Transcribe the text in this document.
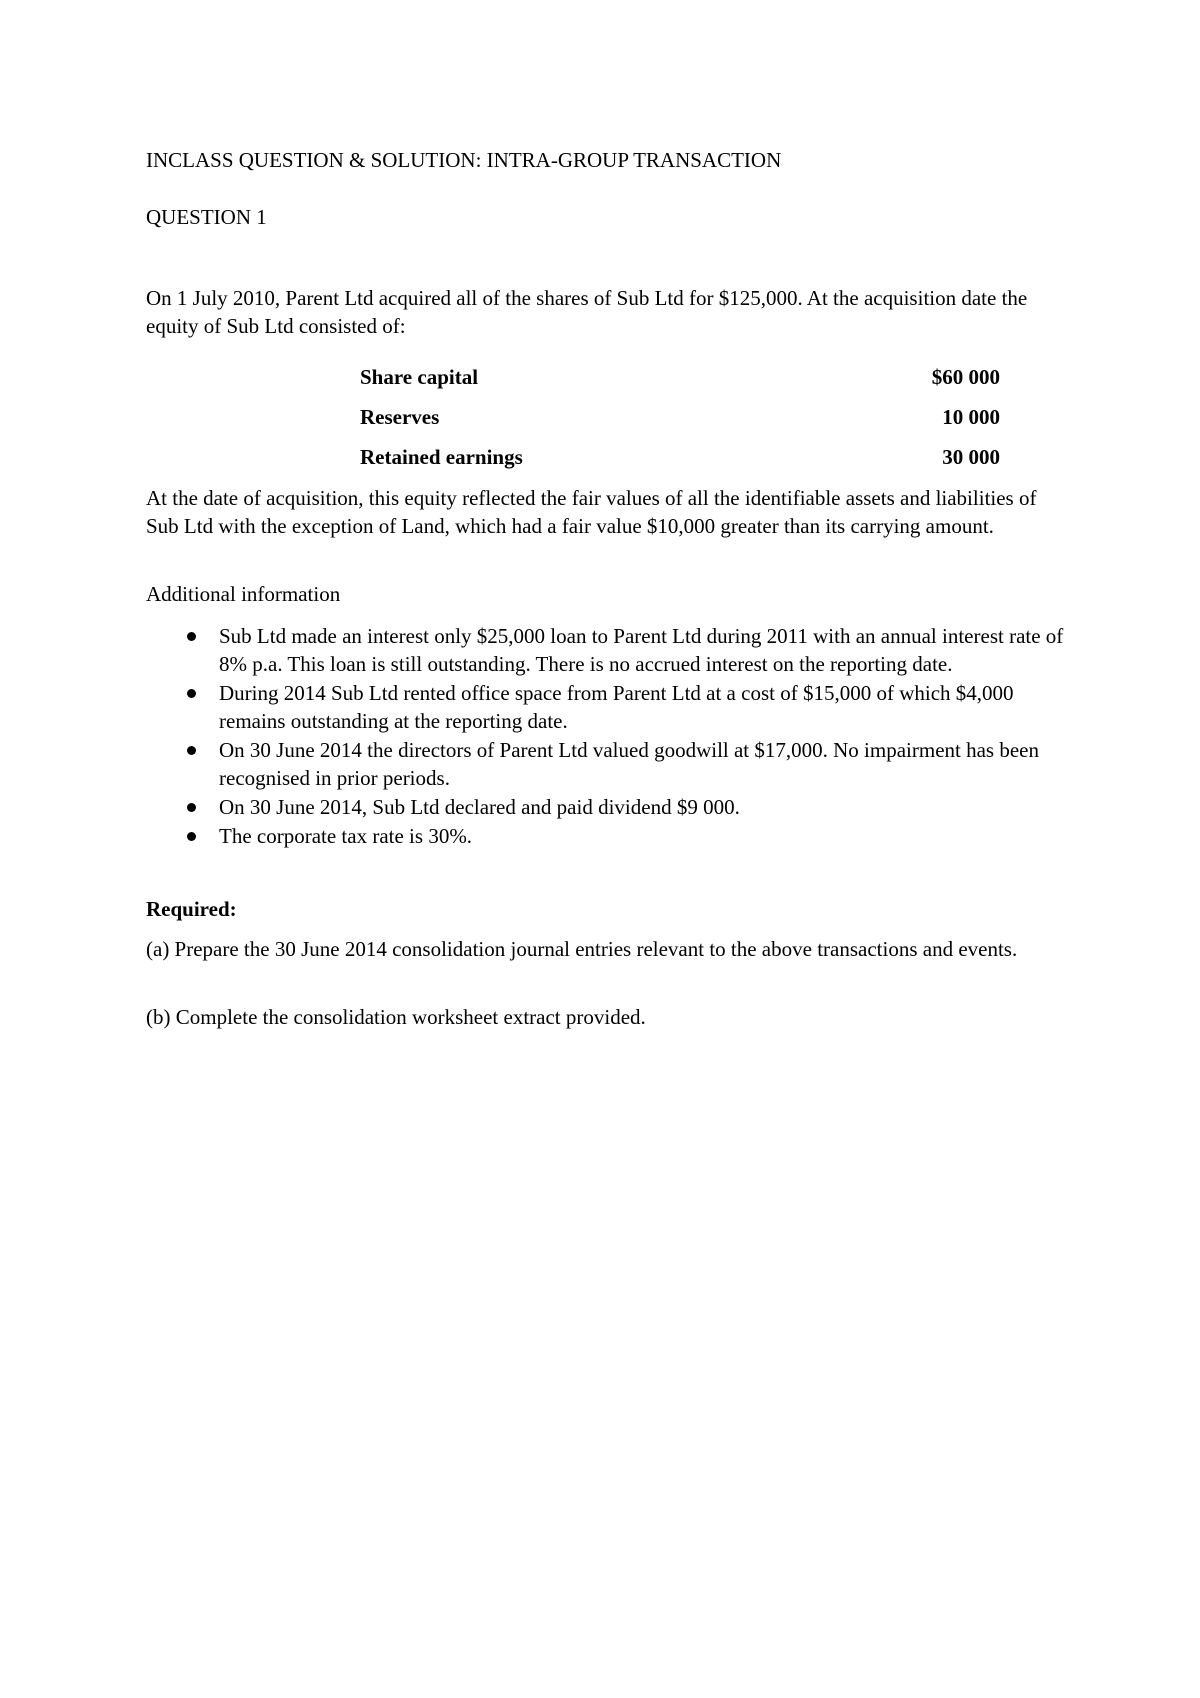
INCLASS QUESTION & SOLUTION: INTRA-GROUP TRANSACTION
QUESTION 1

On 1 July 2010, Parent Ltd acquired all of the shares of Sub Ltd for $125,000. At the acquisition date the equity of Sub Ltd consisted of:

Share capital	$60 000
Reserves	10 000
Retained earnings	30 000

At the date of acquisition, this equity reflected the fair values of all the identifiable assets and liabilities of Sub Ltd with the exception of Land, which had a fair value $10,000 greater than its carrying amount.

Additional information

Sub Ltd made an interest only $25,000 loan to Parent Ltd during 2011 with an annual interest rate of 8% p.a. This loan is still outstanding. There is no accrued interest on the reporting date.
During 2014 Sub Ltd rented office space from Parent Ltd at a cost of $15,000 of which $4,000 remains outstanding at the reporting date.
On 30 June 2014 the directors of Parent Ltd valued goodwill at $17,000. No impairment has been recognised in prior periods.
On 30 June 2014, Sub Ltd declared and paid dividend $9 000.
The corporate tax rate is 30%.

Required:

(a) Prepare the 30 June 2014 consolidation journal entries relevant to the above transactions and events.

(b) Complete the consolidation worksheet extract provided.
